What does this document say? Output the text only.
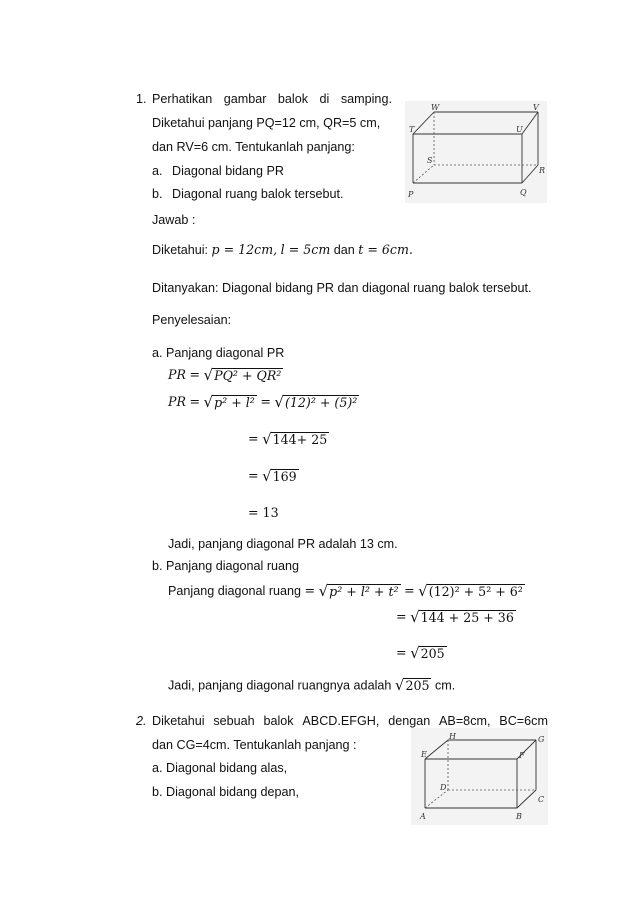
1. Perhatikan gambar balok di samping.
Diketahui panjang PQ=12 cm, QR=5 cm,
dan RV=6 cm. Tentukanlah panjang:
a. Diagonal bidang PR
b. Diagonal ruang balok tersebut.
W	V
T	U
S
R
P	Q
Jawab :
Diketahui: p = 12cm, l = 5cm dan t = 6cm.
Ditanyakan: Diagonal bidang PR dan diagonal ruang balok tersebut.
Penyelesaian:
a. Panjang diagonal PR
PR = √ PQ² + QR²
PR = √ p² + l² = √ (12)² + (5)²
= √ 144+ 25
= √ 169
= 13
Jadi, panjang diagonal PR adalah 13 cm.
b. Panjang diagonal ruang
Panjang diagonal ruang = √ p² + l² + t² = √ (12)² + 5² + 6²
= √ 144 + 25 + 36
= √ 205
Jadi, panjang diagonal ruangnya adalah √ 205 cm.
2. Diketahui sebuah balok ABCD.EFGH, dengan AB=8cm, BC=6cm
dan CG=4cm. Tentukanlah panjang :
a. Diagonal bidang alas,
b. Diagonal bidang depan,
E
H
F
G
D
C
A	B
